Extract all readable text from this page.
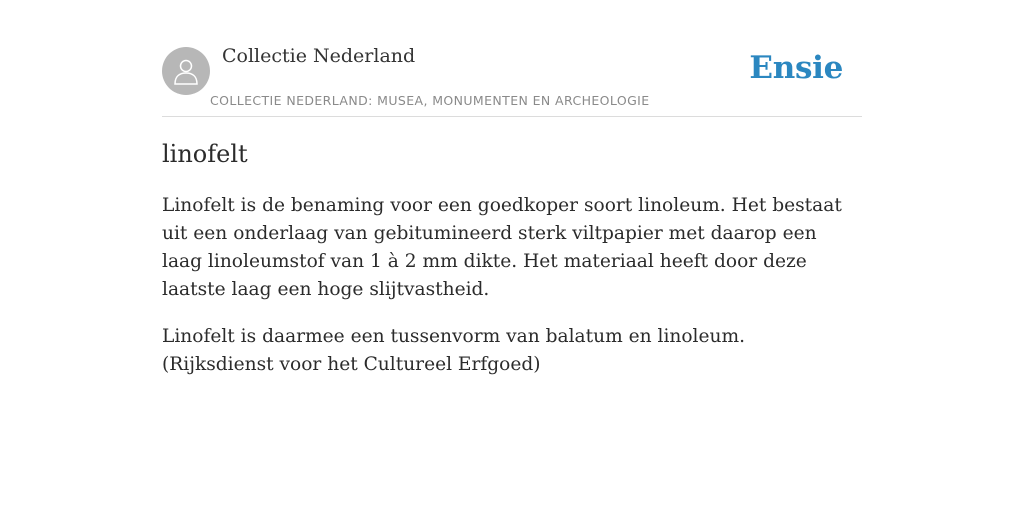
Collectie Nederland
COLLECTIE NEDERLAND: MUSEA, MONUMENTEN EN ARCHEOLOGIE
Ensie
linofelt

Linofelt is de benaming voor een goedkoper soort linoleum. Het bestaat uit een onderlaag van gebitumineerd sterk viltpapier met daarop een laag linoleumstof van 1 à 2 mm dikte. Het materiaal heeft door deze laatste laag een hoge slijtvastheid.

Linofelt is daarmee een tussenvorm van balatum en linoleum. (Rijksdienst voor het Cultureel Erfgoed)
